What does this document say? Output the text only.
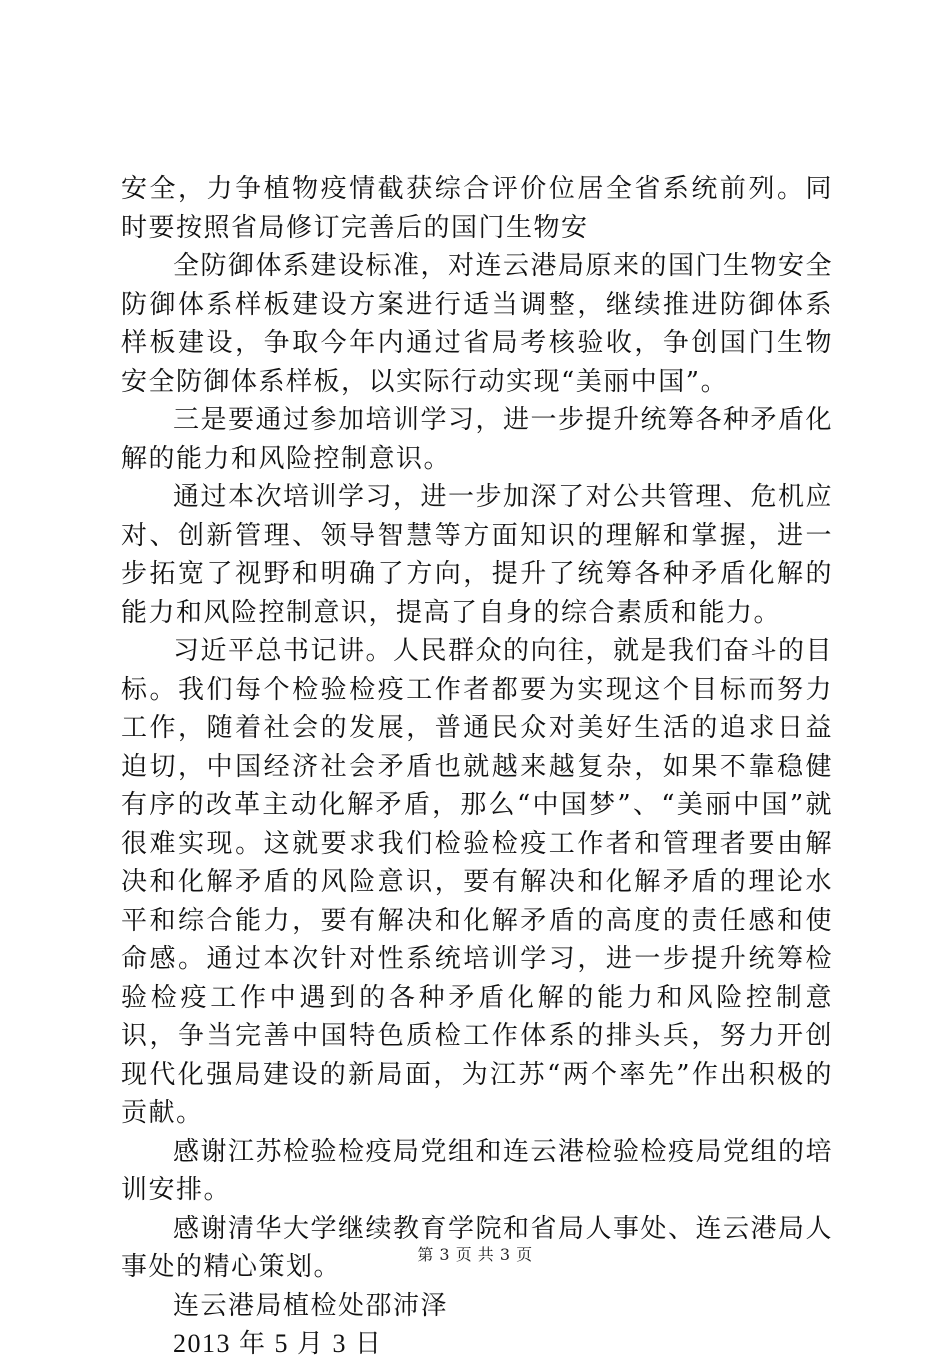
安全，力争植物疫情截获综合评价位居全省系统前列。同时要按照省局修订完善后的国门生物安

全防御体系建设标准，对连云港局原来的国门生物安全防御体系样板建设方案进行适当调整，继续推进防御体系样板建设，争取今年内通过省局考核验收，争创国门生物安全防御体系样板，以实际行动实现“美丽中国”。

三是要通过参加培训学习，进一步提升统筹各种矛盾化解的能力和风险控制意识。

通过本次培训学习，进一步加深了对公共管理、危机应对、创新管理、领导智慧等方面知识的理解和掌握，进一步拓宽了视野和明确了方向，提升了统筹各种矛盾化解的能力和风险控制意识，提高了自身的综合素质和能力。

习近平总书记讲。人民群众的向往，就是我们奋斗的目标。我们每个检验检疫工作者都要为实现这个目标而努力工作，随着社会的发展，普通民众对美好生活的追求日益迫切，中国经济社会矛盾也就越来越复杂，如果不靠稳健有序的改革主动化解矛盾，那么“中国梦”、“美丽中国”就很难实现。这就要求我们检验检疫工作者和管理者要由解决和化解矛盾的风险意识，要有解决和化解矛盾的理论水平和综合能力，要有解决和化解矛盾的高度的责任感和使命感。通过本次针对性系统培训学习，进一步提升统筹检验检疫工作中遇到的各种矛盾化解的能力和风险控制意识，争当完善中国特色质检工作体系的排头兵，努力开创现代化强局建设的新局面，为江苏“两个率先”作出积极的贡献。

感谢江苏检验检疫局党组和连云港检验检疫局党组的培训安排。

感谢清华大学继续教育学院和省局人事处、连云港局人事处的精心策划。

连云港局植检处邵沛泽

2013 年 5 月 3 日

第 3 页 共 3 页
